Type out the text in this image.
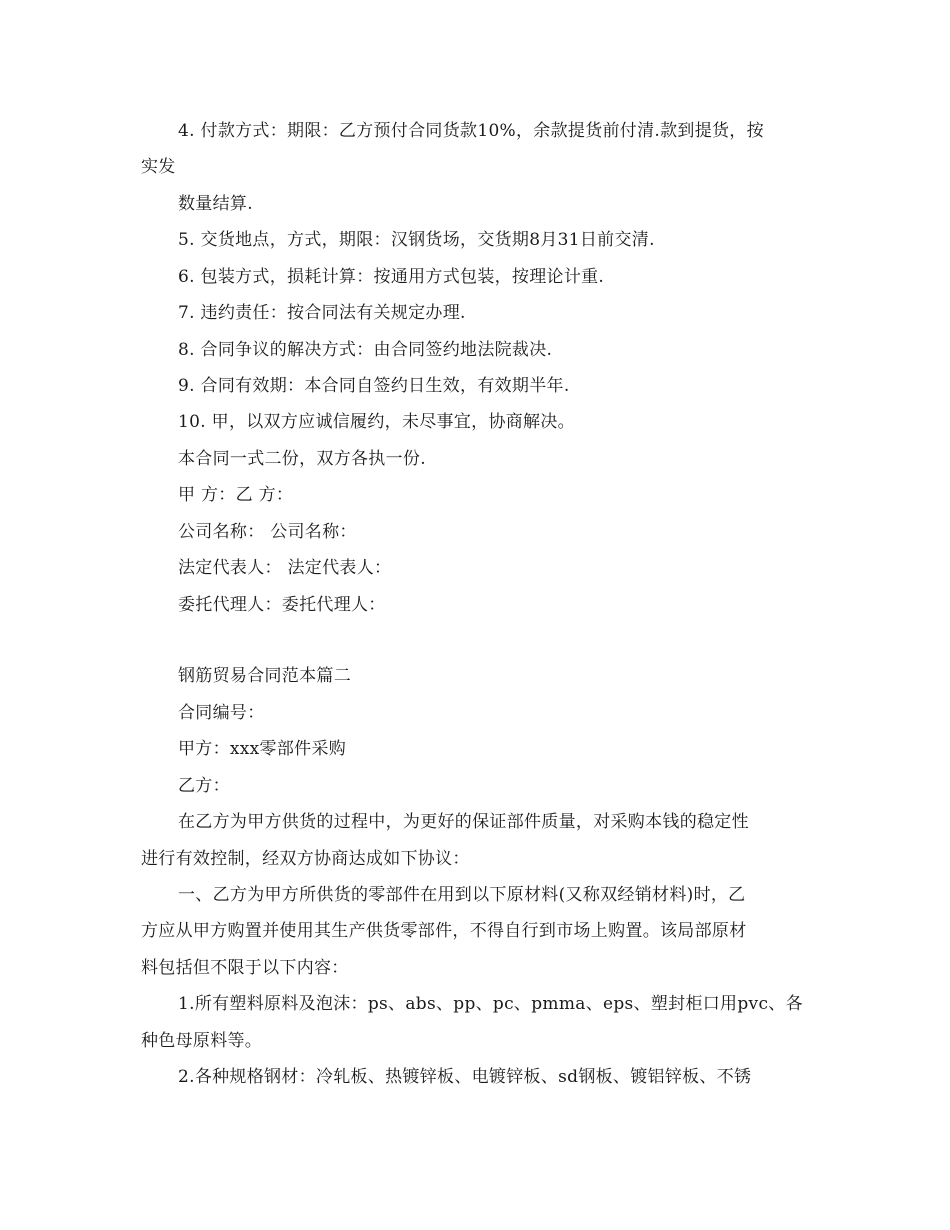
4. 付款方式：期限：乙方预付合同货款10%，余款提货前付清.款到提货，按
实发
数量结算.
5. 交货地点，方式，期限：汉钢货场，交货期8月31日前交清.
6. 包装方式，损耗计算：按通用方式包装，按理论计重.
7. 违约责任：按合同法有关规定办理.
8. 合同争议的解决方式：由合同签约地法院裁决.
9. 合同有效期：本合同自签约日生效，有效期半年.
10. 甲，以双方应诚信履约，未尽事宜，协商解决。
本合同一式二份，双方各执一份.
甲 方：乙 方：
公司名称： 公司名称：
法定代表人： 法定代表人：
委托代理人：委托代理人：
钢筋贸易合同范本篇二
合同编号：
甲方：xxx零部件采购
乙方：
在乙方为甲方供货的过程中，为更好的保证部件质量，对采购本钱的稳定性
进行有效控制，经双方协商达成如下协议：
一、乙方为甲方所供货的零部件在用到以下原材料(又称双经销材料)时，乙
方应从甲方购置并使用其生产供货零部件，不得自行到市场上购置。该局部原材
料包括但不限于以下内容：
1.所有塑料原料及泡沫：ps、abs、pp、pc、pmma、eps、塑封柜口用pvc、各
种色母原料等。
2.各种规格钢材：冷轧板、热镀锌板、电镀锌板、sd钢板、镀铝锌板、不锈
